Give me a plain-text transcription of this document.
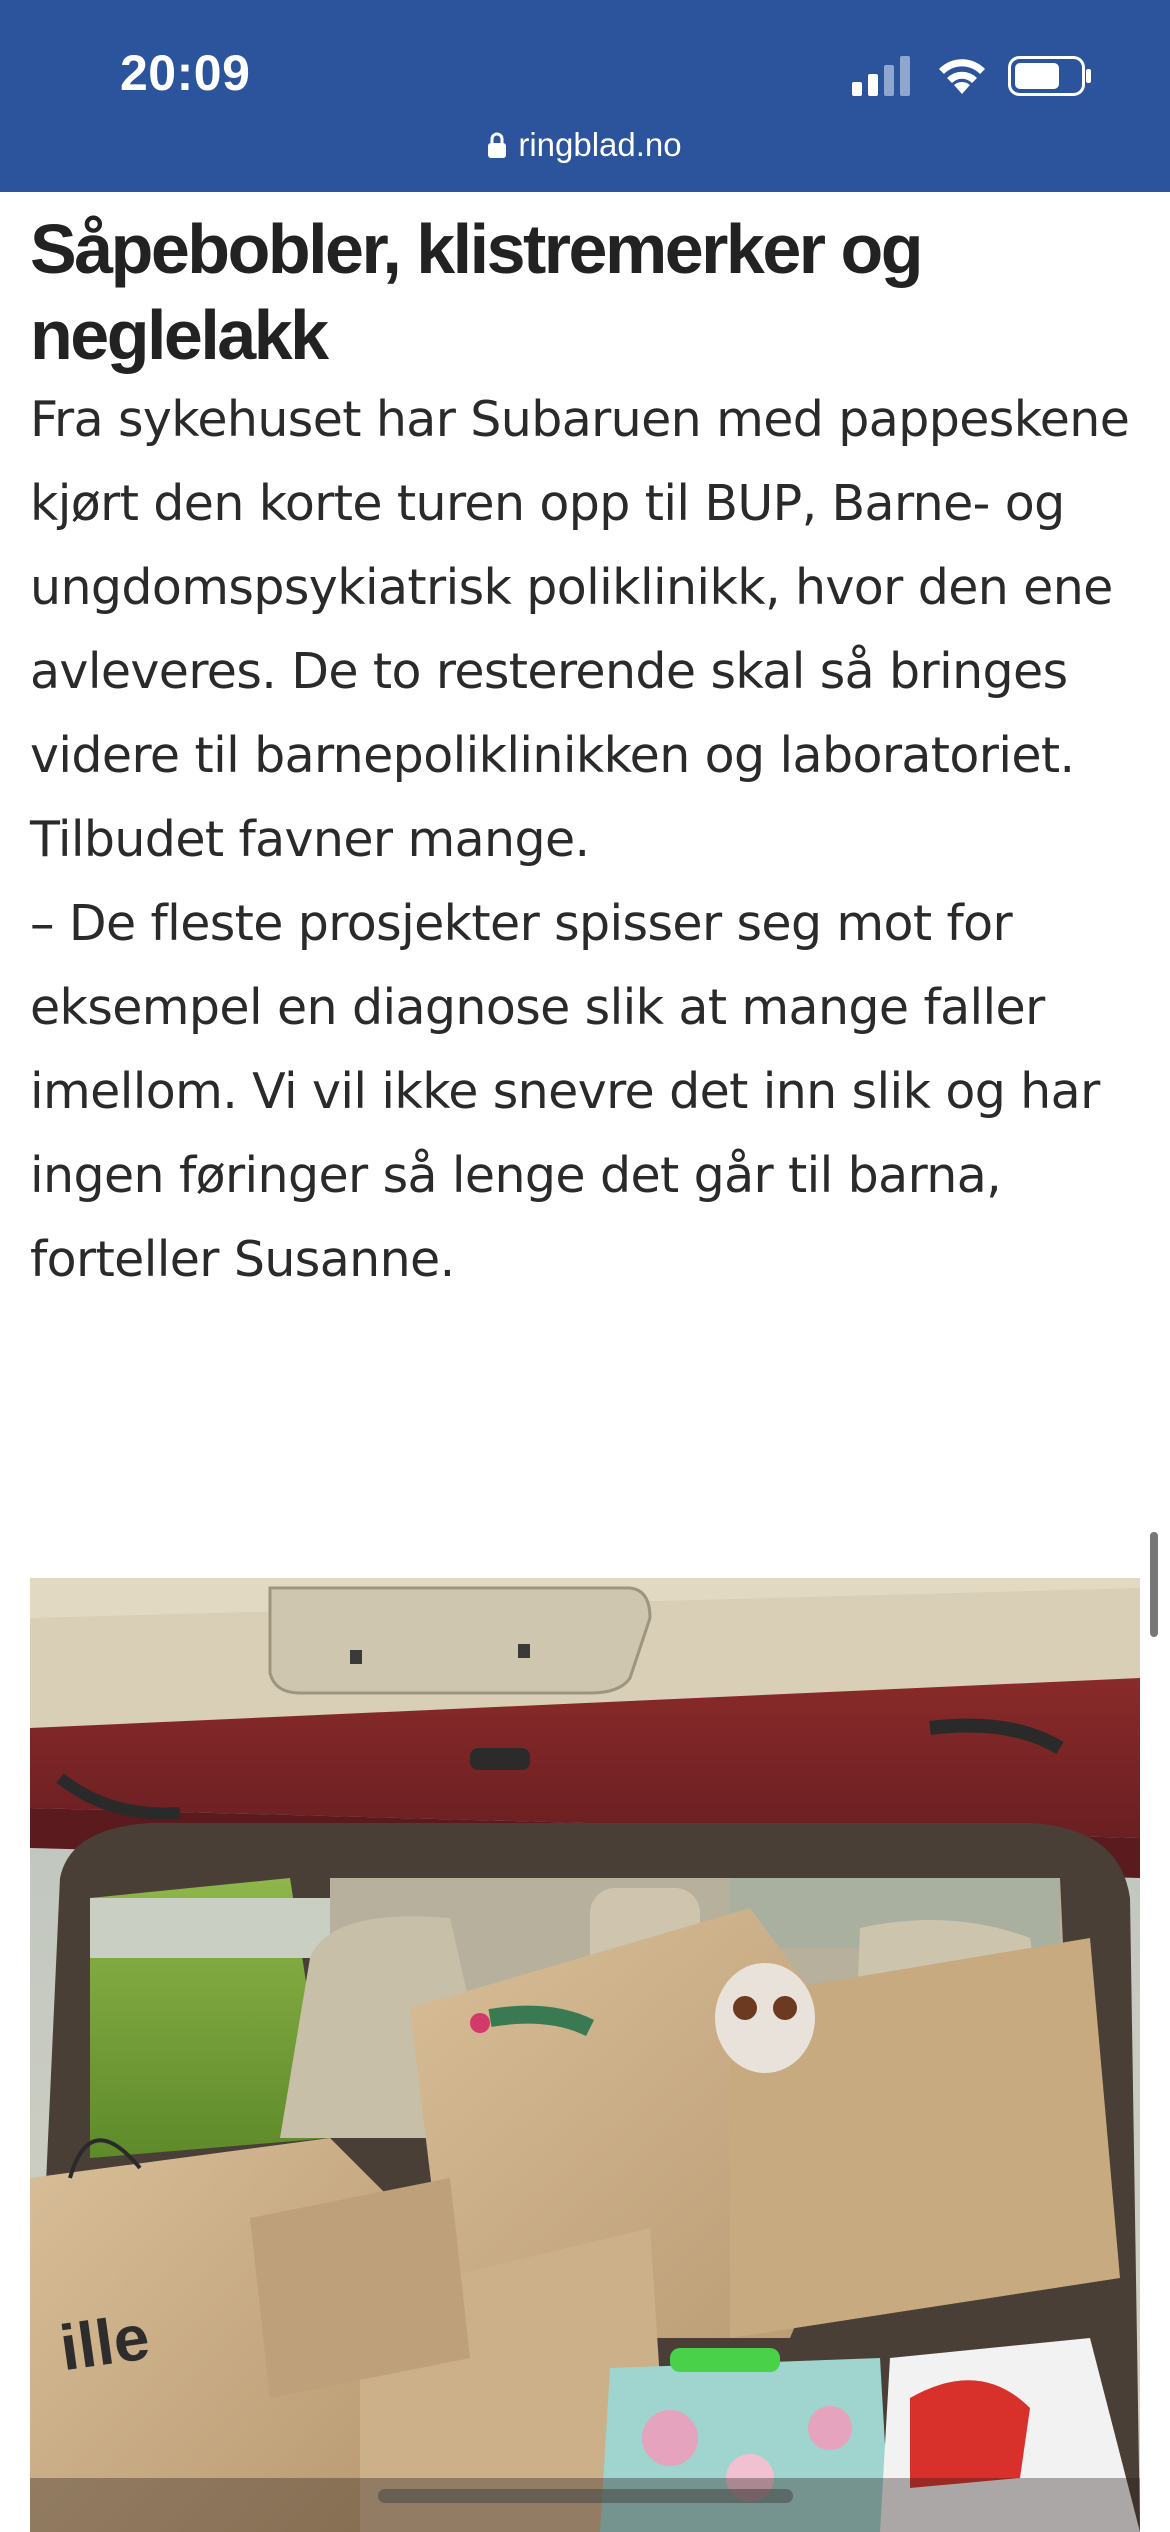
20:09
ringblad.no
Såpebobler, klistremerker og neglelakk

Fra sykehuset har Subaruen med pappeskene kjørt den korte turen opp til BUP, Barne- og ungdomspsykiatrisk poliklinikk, hvor den ene avleveres. De to resterende skal så bringes videre til barnepoliklinikken og laboratoriet. Tilbudet favner mange.

– De fleste prosjekter spisser seg mot for eksempel en diagnose slik at mange faller imellom. Vi vil ikke snevre det inn slik og har ingen føringer så lenge det går til barna, forteller Susanne.

ille
